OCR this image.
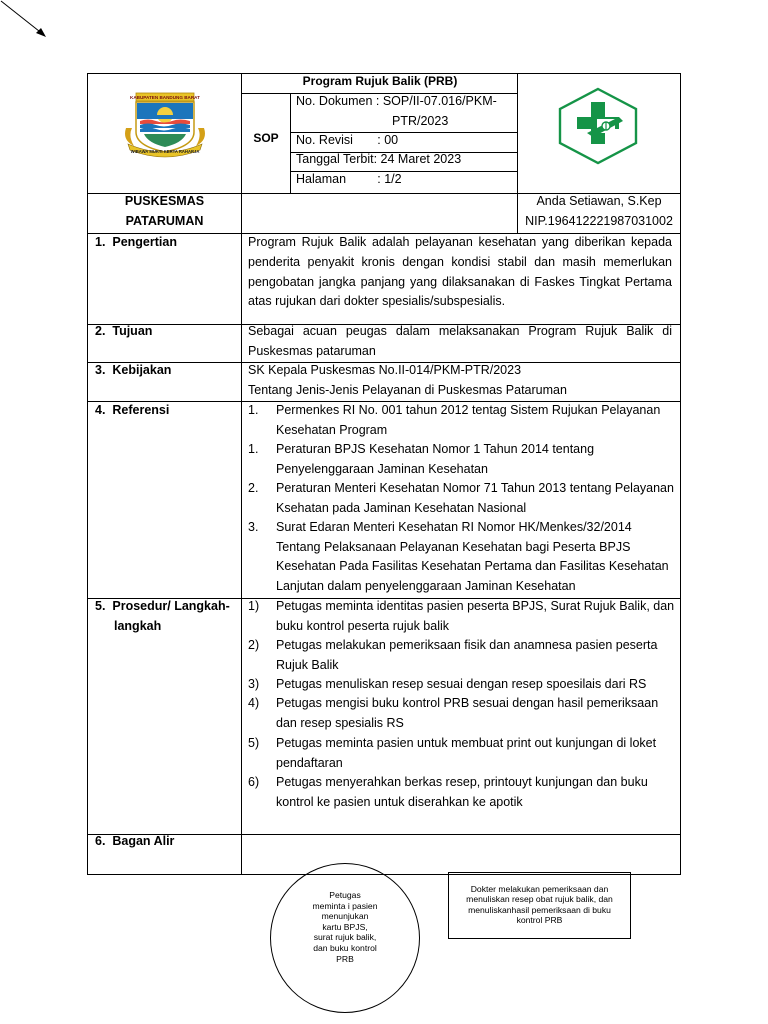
KABUPATEN BANDUNG BARAT
WIBAWA MUKTI KERTA RAHARJA
Program Rujuk Balik (PRB)
SOP
No. Dokumen : SOP/II-07.016/PKM-
PTR/2023
No. Revisi       : 00
Tanggal Terbit: 24 Maret 2023
Halaman         : 1/2
PUSKESMAS
PATARUMAN
Anda Setiawan, S.Kep
NIP.196412221987031002
1.  Pengertian
2.  Tujuan
3.  Kebijakan
4.  Referensi
5.  Prosedur/ Langkah-
langkah
6.  Bagan Alir
Program Rujuk Balik adalah pelayanan kesehatan yang diberikan kepada penderita penyakit kronis dengan kondisi stabil dan masih memerlukan pengobatan jangka panjang yang dilaksanakan di Faskes Tingkat Pertama atas rujukan dari dokter spesialis/subspesialis.
Sebagai acuan peugas dalam melaksanakan Program Rujuk Balik di Puskesmas pataruman
SK Kepala Puskesmas No.II-014/PKM-PTR/2023
Tentang Jenis-Jenis Pelayanan di Puskesmas Pataruman
1. Permenkes RI No. 001 tahun 2012 tentag Sistem Rujukan Pelayanan
Kesehatan Program
1. Peraturan BPJS Kesehatan Nomor 1 Tahun 2014 tentang
Penyelenggaraan Jaminan Kesehatan
2. Peraturan Menteri Kesehatan Nomor 71 Tahun 2013 tentang Pelayanan
Ksehatan pada Jaminan Kesehatan Nasional
3. Surat Edaran Menteri Kesehatan RI Nomor HK/Menkes/32/2014
Tentang Pelaksanaan Pelayanan Kesehatan bagi Peserta BPJS
Kesehatan Pada Fasilitas Kesehatan Pertama dan Fasilitas Kesehatan
Lanjutan dalam penyelenggaraan Jaminan Kesehatan
1) Petugas meminta identitas pasien peserta BPJS, Surat Rujuk Balik, dan
buku kontrol peserta rujuk balik
2) Petugas melakukan pemeriksaan fisik dan anamnesa pasien peserta
Rujuk Balik
3) Petugas menuliskan resep sesuai dengan resep spoesilais dari RS
4) Petugas mengisi buku kontrol PRB sesuai dengan hasil pemeriksaan
dan resep spesialis RS
5) Petugas meminta pasien untuk membuat print out kunjungan di loket
pendaftaran
6) Petugas menyerahkan berkas resep, printouyt kunjungan dan buku
kontrol ke pasien untuk diserahkan ke apotik
Petugas
meminta i pasien
menunjukan
kartu BPJS,
surat rujuk balik,
dan buku kontrol
PRB
Dokter melakukan pemeriksaan dan
menuliskan resep obat rujuk balik, dan
menuliskanhasil pemeriksaan di buku
kontrol PRB
